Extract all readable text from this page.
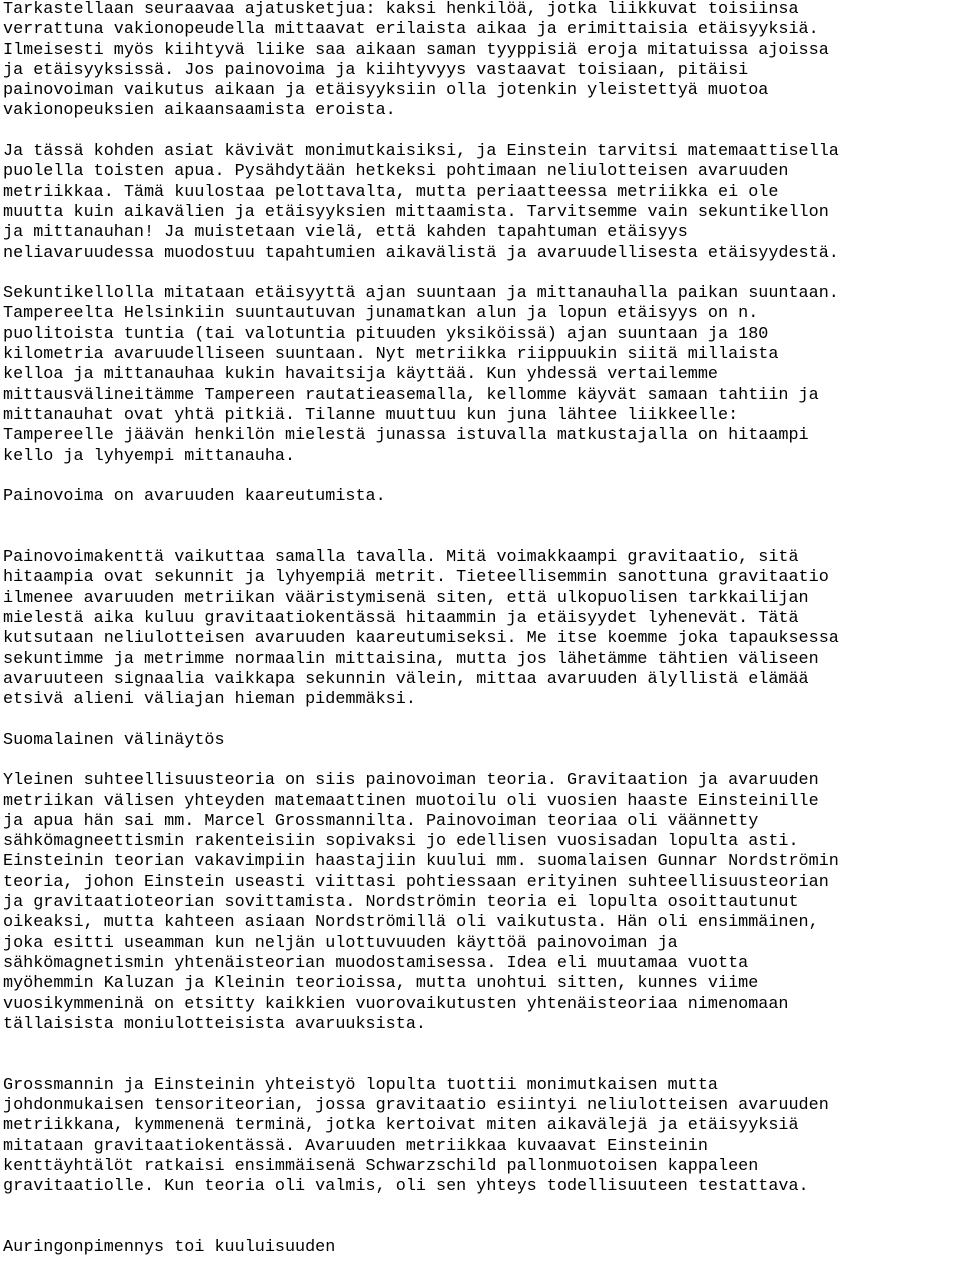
Tarkastellaan seuraavaa ajatusketjua: kaksi henkilöä, jotka liikkuvat toisiinsa
verrattuna vakionopeudella mittaavat erilaista aikaa ja erimittaisia etäisyyksiä.
Ilmeisesti myös kiihtyvä liike saa aikaan saman tyyppisiä eroja mitatuissa ajoissa
ja etäisyyksissä. Jos painovoima ja kiihtyvyys vastaavat toisiaan, pitäisi
painovoiman vaikutus aikaan ja etäisyyksiin olla jotenkin yleistettyä muotoa
vakionopeuksien aikaansaamista eroista.
Ja tässä kohden asiat kävivät monimutkaisiksi, ja Einstein tarvitsi matemaattisella
puolella toisten apua. Pysähdytään hetkeksi pohtimaan neliulotteisen avaruuden
metriikkaa. Tämä kuulostaa pelottavalta, mutta periaatteessa metriikka ei ole
muutta kuin aikavälien ja etäisyyksien mittaamista. Tarvitsemme vain sekuntikellon
ja mittanauhan! Ja muistetaan vielä, että kahden tapahtuman etäisyys
neliavaruudessa muodostuu tapahtumien aikavälistä ja avaruudellisesta etäisyydestä.
Sekuntikellolla mitataan etäisyyttä ajan suuntaan ja mittanauhalla paikan suuntaan.
Tampereelta Helsinkiin suuntautuvan junamatkan alun ja lopun etäisyys on n.
puolitoista tuntia (tai valotuntia pituuden yksiköissä) ajan suuntaan ja 180
kilometria avaruudelliseen suuntaan. Nyt metriikka riippuukin siitä millaista
kelloa ja mittanauhaa kukin havaitsija käyttää. Kun yhdessä vertailemme
mittausvälineitämme Tampereen rautatieasemalla, kellomme käyvät samaan tahtiin ja
mittanauhat ovat yhtä pitkiä. Tilanne muuttuu kun juna lähtee liikkeelle:
Tampereelle jäävän henkilön mielestä junassa istuvalla matkustajalla on hitaampi
kello ja lyhyempi mittanauha.
Painovoima on avaruuden kaareutumista.
Painovoimakenttä vaikuttaa samalla tavalla. Mitä voimakkaampi gravitaatio, sitä
hitaampia ovat sekunnit ja lyhyempiä metrit. Tieteellisemmin sanottuna gravitaatio
ilmenee avaruuden metriikan vääristymisenä siten, että ulkopuolisen tarkkailijan
mielestä aika kuluu gravitaatiokentässä hitaammin ja etäisyydet lyhenevät. Tätä
kutsutaan neliulotteisen avaruuden kaareutumiseksi. Me itse koemme joka tapauksessa
sekuntimme ja metrimme normaalin mittaisina, mutta jos lähetämme tähtien väliseen
avaruuteen signaalia vaikkapa sekunnin välein, mittaa avaruuden älyllistä elämää
etsivä alieni väliajan hieman pidemmäksi.
Suomalainen välinäytös
Yleinen suhteellisuusteoria on siis painovoiman teoria. Gravitaation ja avaruuden
metriikan välisen yhteyden matemaattinen muotoilu oli vuosien haaste Einsteinille
ja apua hän sai mm. Marcel Grossmannilta. Painovoiman teoriaa oli väännetty
sähkömagneettismin rakenteisiin sopivaksi jo edellisen vuosisadan lopulta asti.
Einsteinin teorian vakavimpiin haastajiin kuului mm. suomalaisen Gunnar Nordströmin
teoria, johon Einstein useasti viittasi pohtiessaan erityinen suhteellisuusteorian
ja gravitaatioteorian sovittamista. Nordströmin teoria ei lopulta osoittautunut
oikeaksi, mutta kahteen asiaan Nordströmillä oli vaikutusta. Hän oli ensimmäinen,
joka esitti useamman kun neljän ulottuvuuden käyttöä painovoiman ja
sähkömagnetismin yhtenäisteorian muodostamisessa. Idea eli muutamaa vuotta
myöhemmin Kaluzan ja Kleinin teorioissa, mutta unohtui sitten, kunnes viime
vuosikymmeninä on etsitty kaikkien vuorovaikutusten yhtenäisteoriaa nimenomaan
tällaisista moniulotteisista avaruuksista.
Grossmannin ja Einsteinin yhteistyö lopulta tuottii monimutkaisen mutta
johdonmukaisen tensoriteorian, jossa gravitaatio esiintyi neliulotteisen avaruuden
metriikkana, kymmenenä terminä, jotka kertoivat miten aikavälejä ja etäisyyksiä
mitataan gravitaatiokentässä. Avaruuden metriikkaa kuvaavat Einsteinin
kenttäyhtälöt ratkaisi ensimmäisenä Schwarzschild pallonmuotoisen kappaleen
gravitaatiolle. Kun teoria oli valmis, oli sen yhteys todellisuuteen testattava.
Auringonpimennys toi kuuluisuuden
